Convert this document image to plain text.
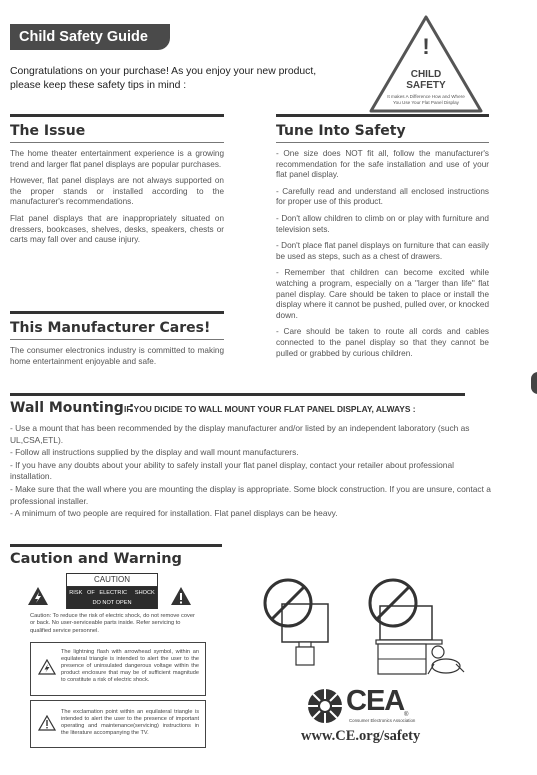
Child Safety Guide
Congratulations on your purchase! As you enjoy your new product,
please keep these safety tips in mind :
!
CHILD
SAFETY
It makes A Difference How and Where
You Use Your Flat Panel Display
The Issue

The home theater entertainment experience is a growing trend and larger flat panel displays are popular purchases.

However, flat panel displays are not always supported on the proper stands or installed according to the manufacturer's recommendations.

Flat panel displays that are inappropriately situated on dressers, bookcases, shelves, desks, speakers, chests or carts may fall over and cause injury.

Tune Into Safety

- One size does NOT fit all, follow the manufacturer's recommendation for the safe installation and use of your flat panel display.

- Carefully read and understand all enclosed instructions for proper use of this product.

- Don't allow children to climb on or play with furniture and television sets.

- Don't place flat panel displays on furniture that can easily be used as steps, such as a chest of drawers.

- Remember that children can become excited while watching a program, especially on a "larger than life" flat panel display. Care should be taken to place or install the display where it cannot be pushed, pulled over, or knocked down.

- Care should be taken to route all cords and cables connected to the panel display so that they cannot be pulled or grabbed by curious children.

This Manufacturer Cares!
The consumer electronics industry is committed to making home entertainment enjoyable and safe.
Wall Mounting :
IF YOU DICIDE TO WALL MOUNT YOUR FLAT PANEL DISPLAY, ALWAYS :
- Use a mount that has been recommended by the display manufacturer and/or listed by an independent laboratory (such as UL,CSA,ETL).
- Follow all instructions supplied by the display and wall mount manufacturers.
- If you have any doubts about your ability to safely install your flat panel display, contact your retailer about professional installation.
- Make sure that the wall where you are mounting the display is appropriate. Some block construction. If you are unsure, contact a professional installer.
- A minimum of two people are required for installation. Flat panel displays can be heavy.
Caution and Warning
CAUTION
RISK   OF   ELECTRIC     SHOCK
DO NOT OPEN
Caution: To reduce the risk of electric shock, do not remove cover or back. No user-serviceable parts inside. Refer servicing to qualified service personnel.
The lightning flash with arrowhead symbol, within an equilateral triangle is intended to alert the user to the presence of uninsulated dangerous voltage within the product enclosure that may be of sufficient magnitude to constitute a risk of electric shock.
The exclamation point within an equilateral triangle is intended to alert the user to the presence of important operating and maintenance(servicing) instructions in the literature accompanying the TV.
CEA ®
Consumer Electronics Association
www.CE.org/safety
